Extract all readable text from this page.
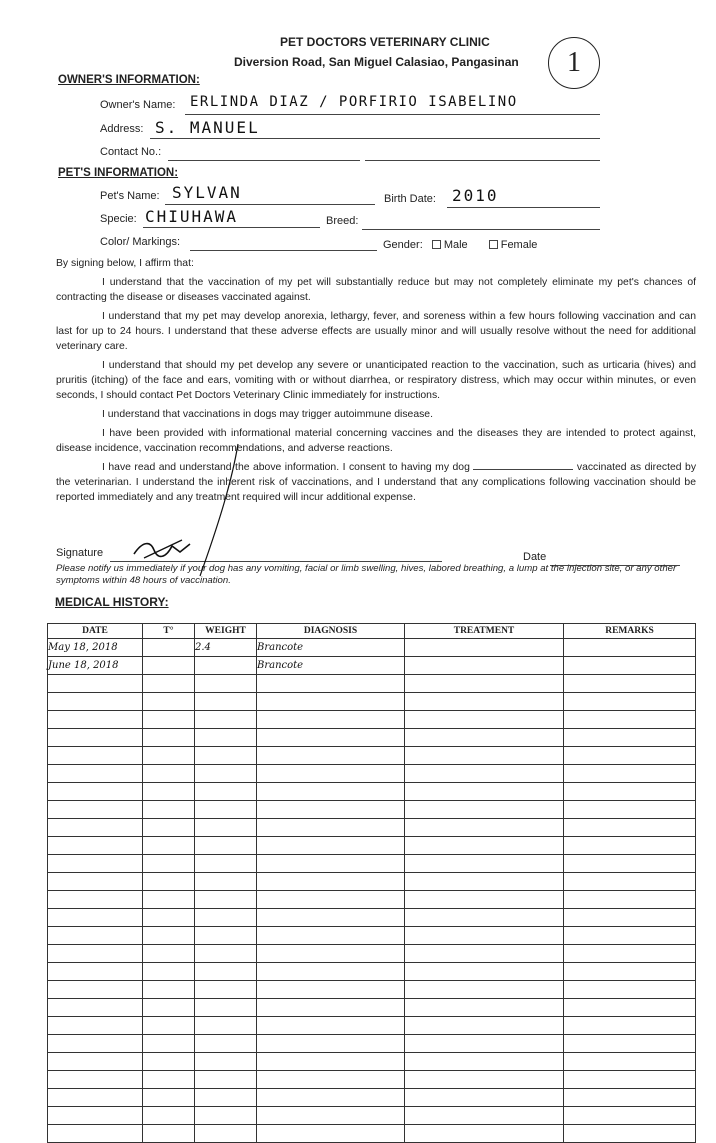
PET DOCTORS VETERINARY CLINIC
Diversion Road, San Miguel Calasiao, Pangasinan	1
OWNER'S INFORMATION:
Owner's Name: ERLINDA DIAZ / PORFIRIO ISABELINO
Address: S. MANUEL
Contact No.:
PET'S INFORMATION:
Pet's Name: SYLVAN	Birth Date: 2010
Specie: CHIUHAWA	Breed:
Color/ Markings:	Gender: Male	Female

By signing below, I affirm that:

I understand that the vaccination of my pet will substantially reduce but may not completely eliminate my pet's chances of contracting the disease or diseases vaccinated against.

I understand that my pet may develop anorexia, lethargy, fever, and soreness within a few hours following vaccination and can last for up to 24 hours. I understand that these adverse effects are usually minor and will usually resolve without the need for additional veterinary care.

I understand that should my pet develop any severe or unanticipated reaction to the vaccination, such as urticaria (hives) and pruritis (itching) of the face and ears, vomiting with or without diarrhea, or respiratory distress, which may occur within minutes, or even seconds, I should contact Pet Doctors Veterinary Clinic immediately for instructions.

I understand that vaccinations in dogs may trigger autoimmune disease.

I have been provided with informational material concerning vaccines and the diseases they are intended to protect against, disease incidence, vaccination recommendations, and adverse reactions.

I have read and understand the above information. I consent to having my dog	vaccinated as directed by the veterinarian. I understand the inherent risk of vaccinations, and I understand that any complications following vaccination should be reported immediately and any treatment required will incur additional expense.

Signature	Date
Please notify us immediately if your dog has any vomiting, facial or limb swelling, hives, labored breathing, a lump at the injection site, or any other symptoms within 48 hours of vaccination.
MEDICAL HISTORY:
DATE	T°	WEIGHT	DIAGNOSIS	TREATMENT	REMARKS
May 18, 2018		2.4	Brancote		
June 18, 2018			Brancote		
